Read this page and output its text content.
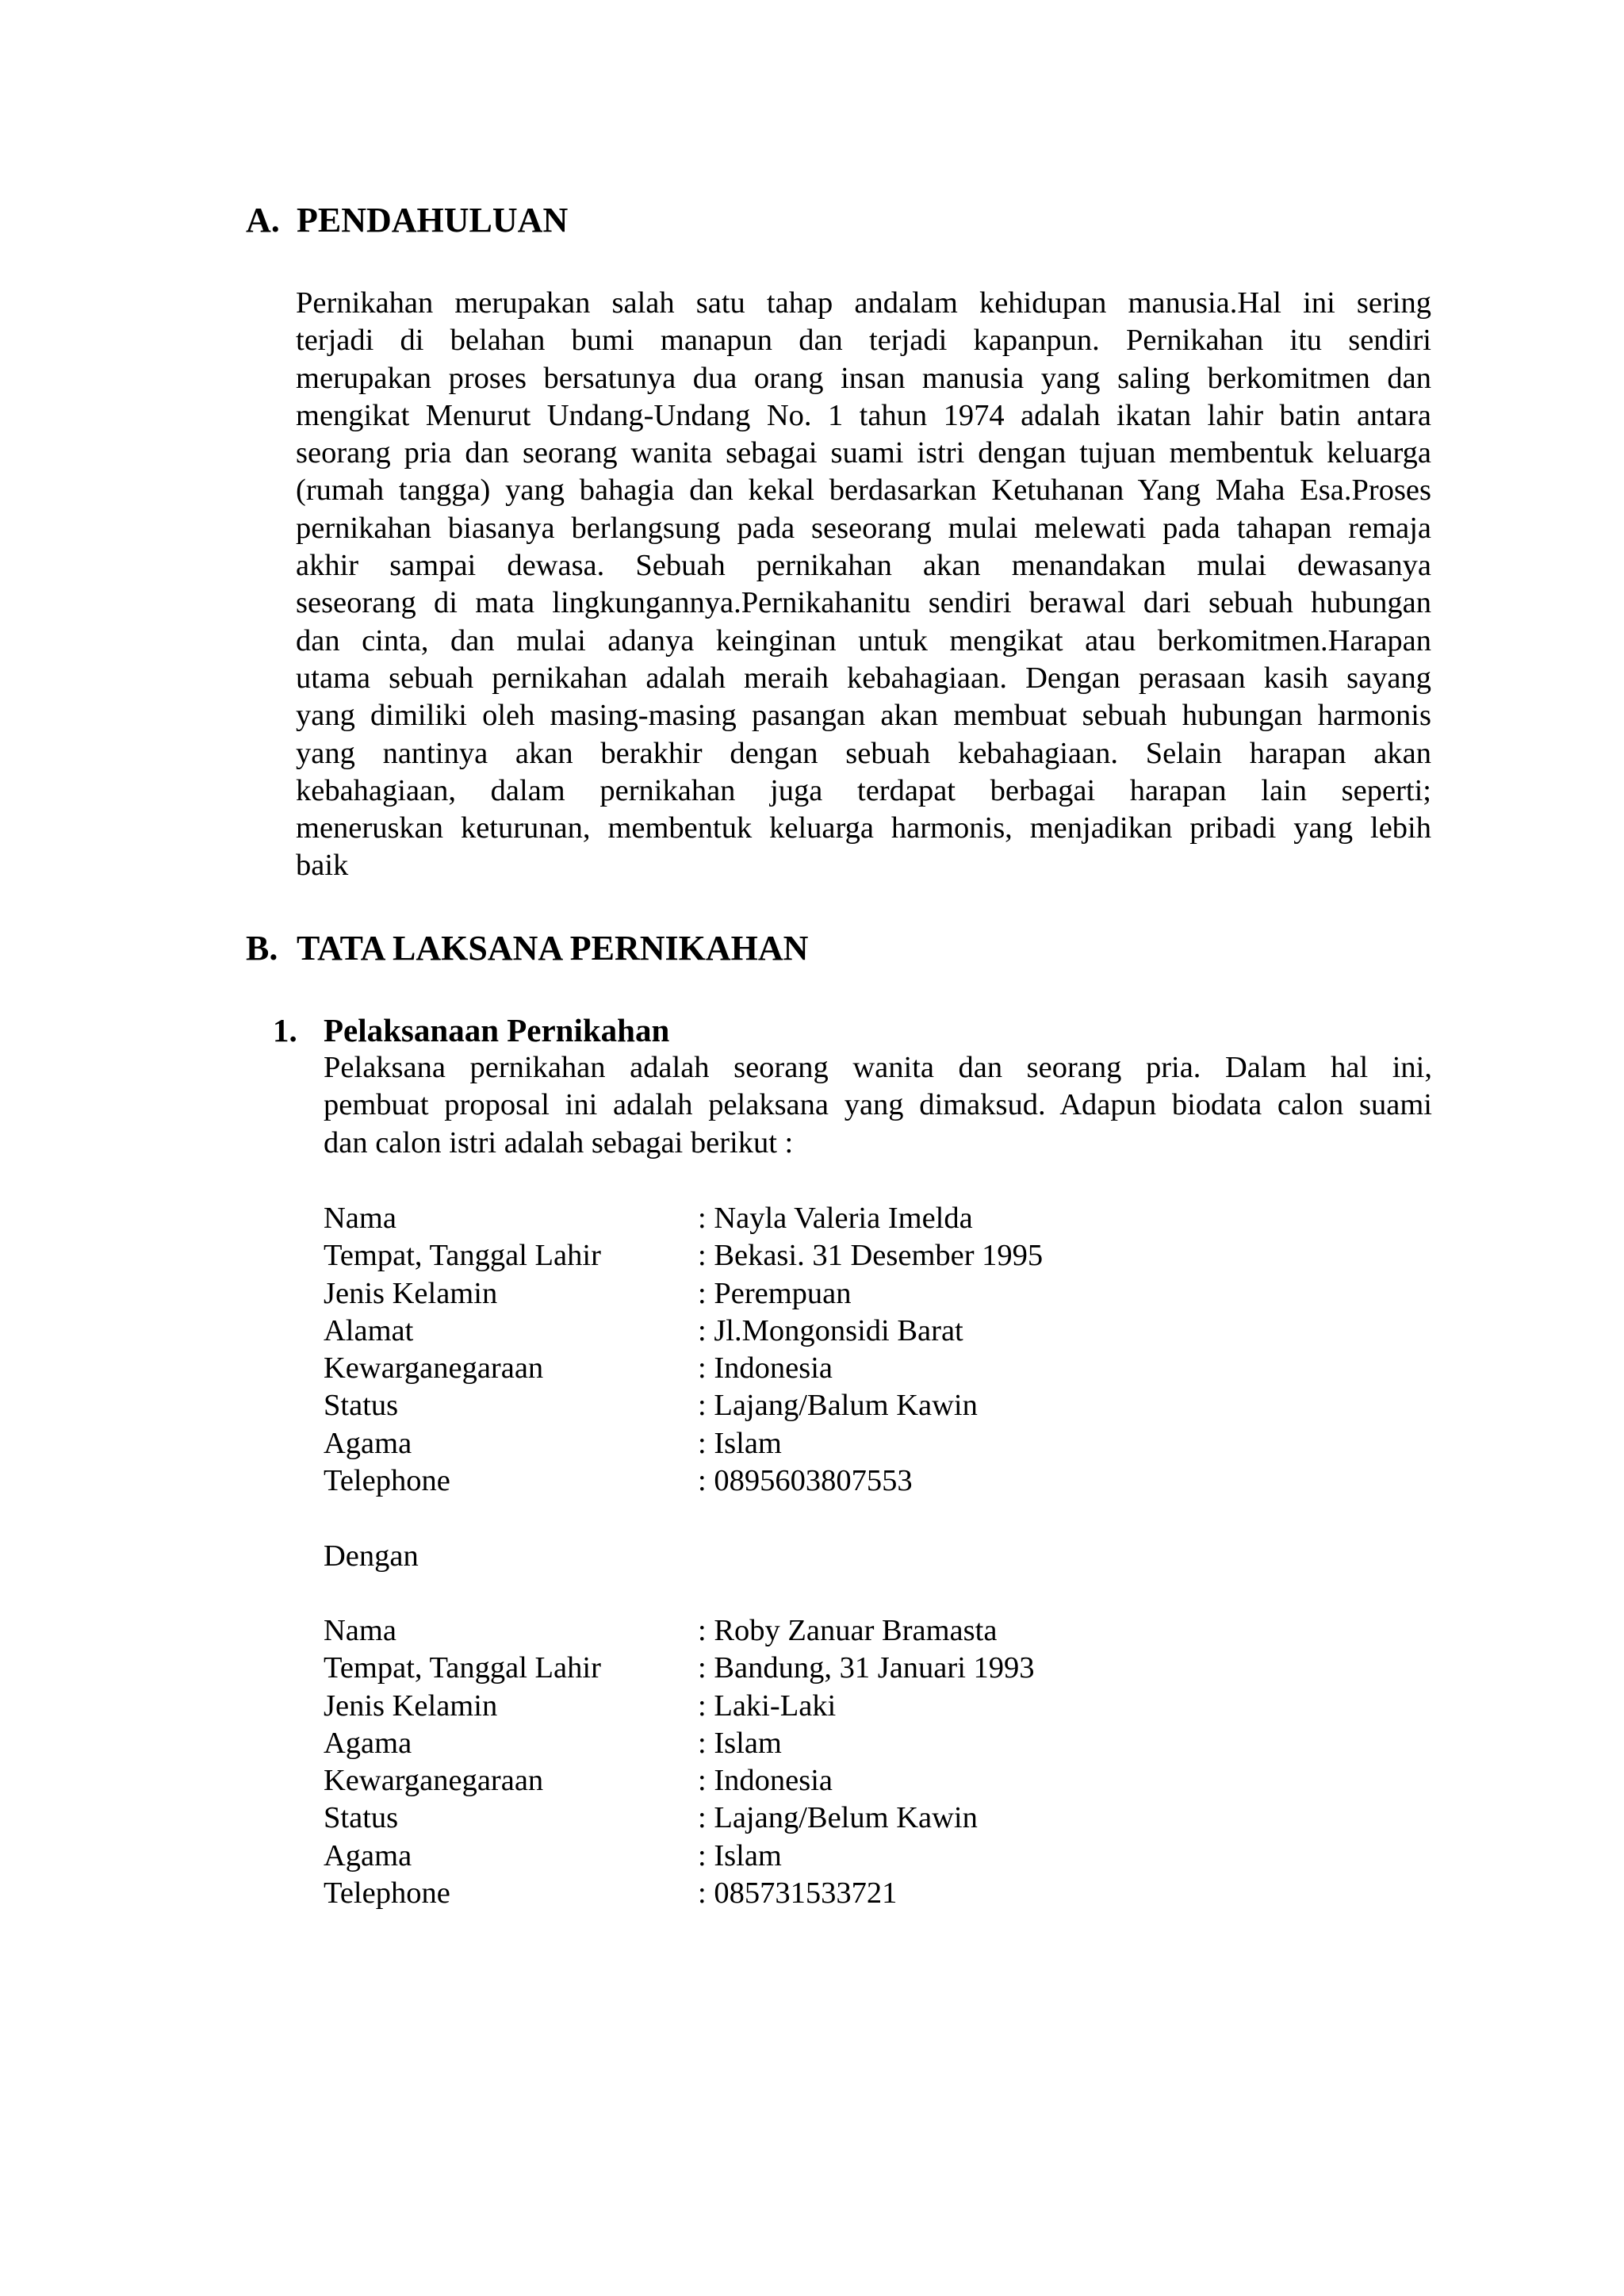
A. PENDAHULUAN
Pernikahan merupakan salah satu tahap andalam kehidupan manusia.Hal ini sering
terjadi di belahan bumi manapun dan terjadi kapanpun. Pernikahan itu sendiri
merupakan proses bersatunya dua orang insan manusia yang saling berkomitmen dan
mengikat Menurut Undang-Undang No. 1 tahun 1974 adalah ikatan lahir batin antara
seorang pria dan seorang wanita sebagai suami istri dengan tujuan membentuk keluarga
(rumah tangga) yang bahagia dan kekal berdasarkan Ketuhanan Yang Maha Esa.Proses
pernikahan biasanya berlangsung pada seseorang mulai melewati pada tahapan remaja
akhir sampai dewasa. Sebuah pernikahan akan menandakan mulai dewasanya
seseorang di mata lingkungannya.Pernikahanitu sendiri berawal dari sebuah hubungan
dan cinta, dan mulai adanya keinginan untuk mengikat atau berkomitmen.Harapan
utama sebuah pernikahan adalah meraih kebahagiaan. Dengan perasaan kasih sayang
yang dimiliki oleh masing-masing pasangan akan membuat sebuah hubungan harmonis
yang nantinya akan berakhir dengan sebuah kebahagiaan. Selain harapan akan
kebahagiaan, dalam pernikahan juga terdapat berbagai harapan lain seperti;
meneruskan keturunan, membentuk keluarga harmonis, menjadikan pribadi yang lebih
baik
B. TATA LAKSANA PERNIKAHAN
1. Pelaksanaan Pernikahan
Pelaksana pernikahan adalah seorang wanita dan seorang pria. Dalam hal ini,
pembuat proposal ini adalah pelaksana yang dimaksud. Adapun biodata calon suami
dan calon istri adalah sebagai berikut :
Nama	: Nayla Valeria Imelda
Tempat, Tanggal Lahir	: Bekasi. 31 Desember 1995
Jenis Kelamin	: Perempuan
Alamat	: Jl.Mongonsidi Barat
Kewarganegaraan	: Indonesia
Status	: Lajang/Balum Kawin
Agama	: Islam
Telephone	: 0895603807553
Dengan
Nama	: Roby Zanuar Bramasta
Tempat, Tanggal Lahir	: Bandung, 31 Januari 1993
Jenis Kelamin	: Laki-Laki
Agama	: Islam
Kewarganegaraan	: Indonesia
Status	: Lajang/Belum Kawin
Agama	: Islam
Telephone	: 085731533721
